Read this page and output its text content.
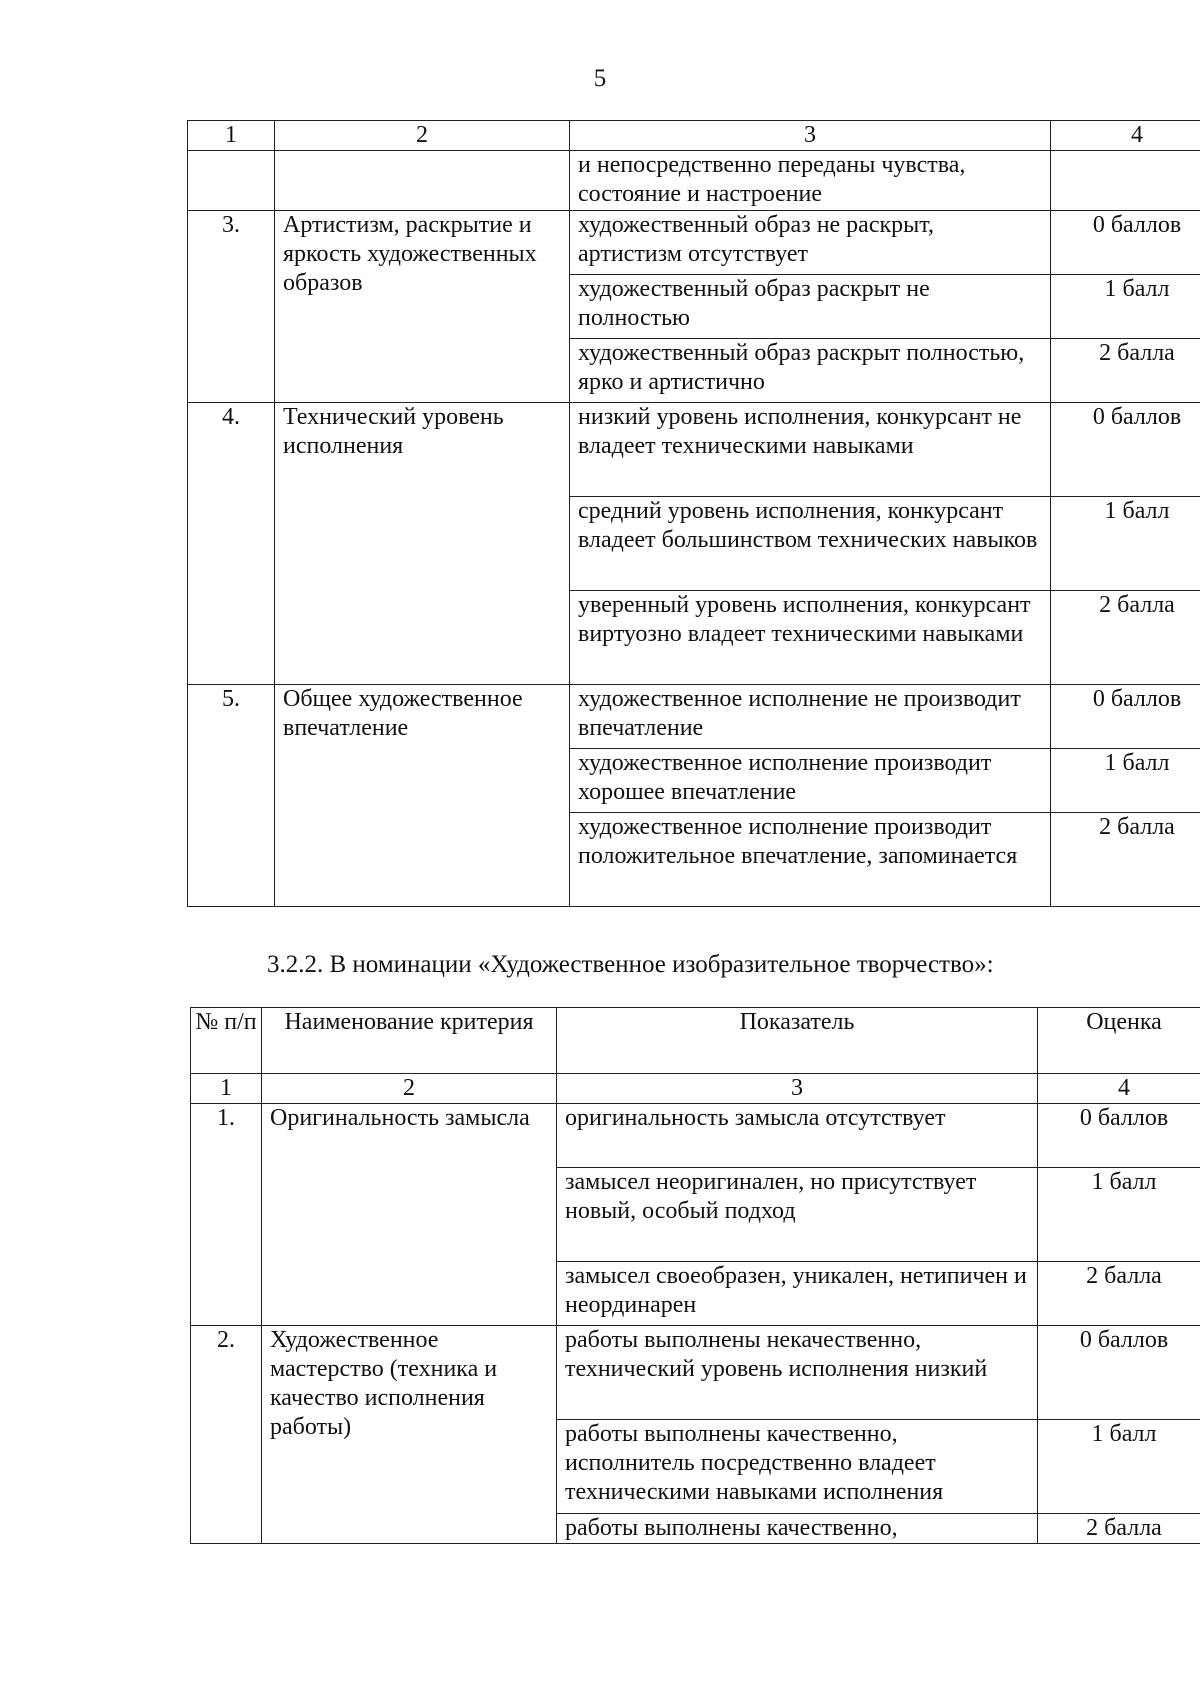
5
1	2	3	4
		и непосредственно переданы чувства, состояние и настроение	
3.	Артистизм, раскрытие и яркость художественных образов	художественный образ не раскрыт, артистизм отсутствует	0 баллов
		художественный образ раскрыт не полностью	1 балл
		художественный образ раскрыт полностью, ярко и артистично	2 балла
4.	Технический уровень исполнения	низкий уровень исполнения, конкурсант не владеет техническими навыками	0 баллов
		средний уровень исполнения, конкурсант владеет большинством технических навыков	1 балл
		уверенный уровень исполнения, конкурсант виртуозно владеет техническими навыками	2 балла
5.	Общее художественное впечатление	художественное исполнение не производит впечатление	0 баллов
		художественное исполнение производит хорошее впечатление	1 балл
		художественное исполнение производит положительное впечатление, запоминается	2 балла
3.2.2. В номинации «Художественное изобразительное творчество»:
№ п/п	Наименование критерия	Показатель	Оценка
1	2	3	4
1.	Оригинальность замысла	оригинальность замысла отсутствует	0 баллов
		замысел неоригинален, но присутствует новый, особый подход	1 балл
		замысел своеобразен, уникален, нетипичен и неординарен	2 балла
2.	Художественное мастерство (техника и качество исполнения работы)	работы выполнены некачественно, технический уровень исполнения низкий	0 баллов
		работы выполнены качественно, исполнитель посредственно владеет техническими навыками исполнения	1 балл
		работы выполнены качественно,	2 балла
